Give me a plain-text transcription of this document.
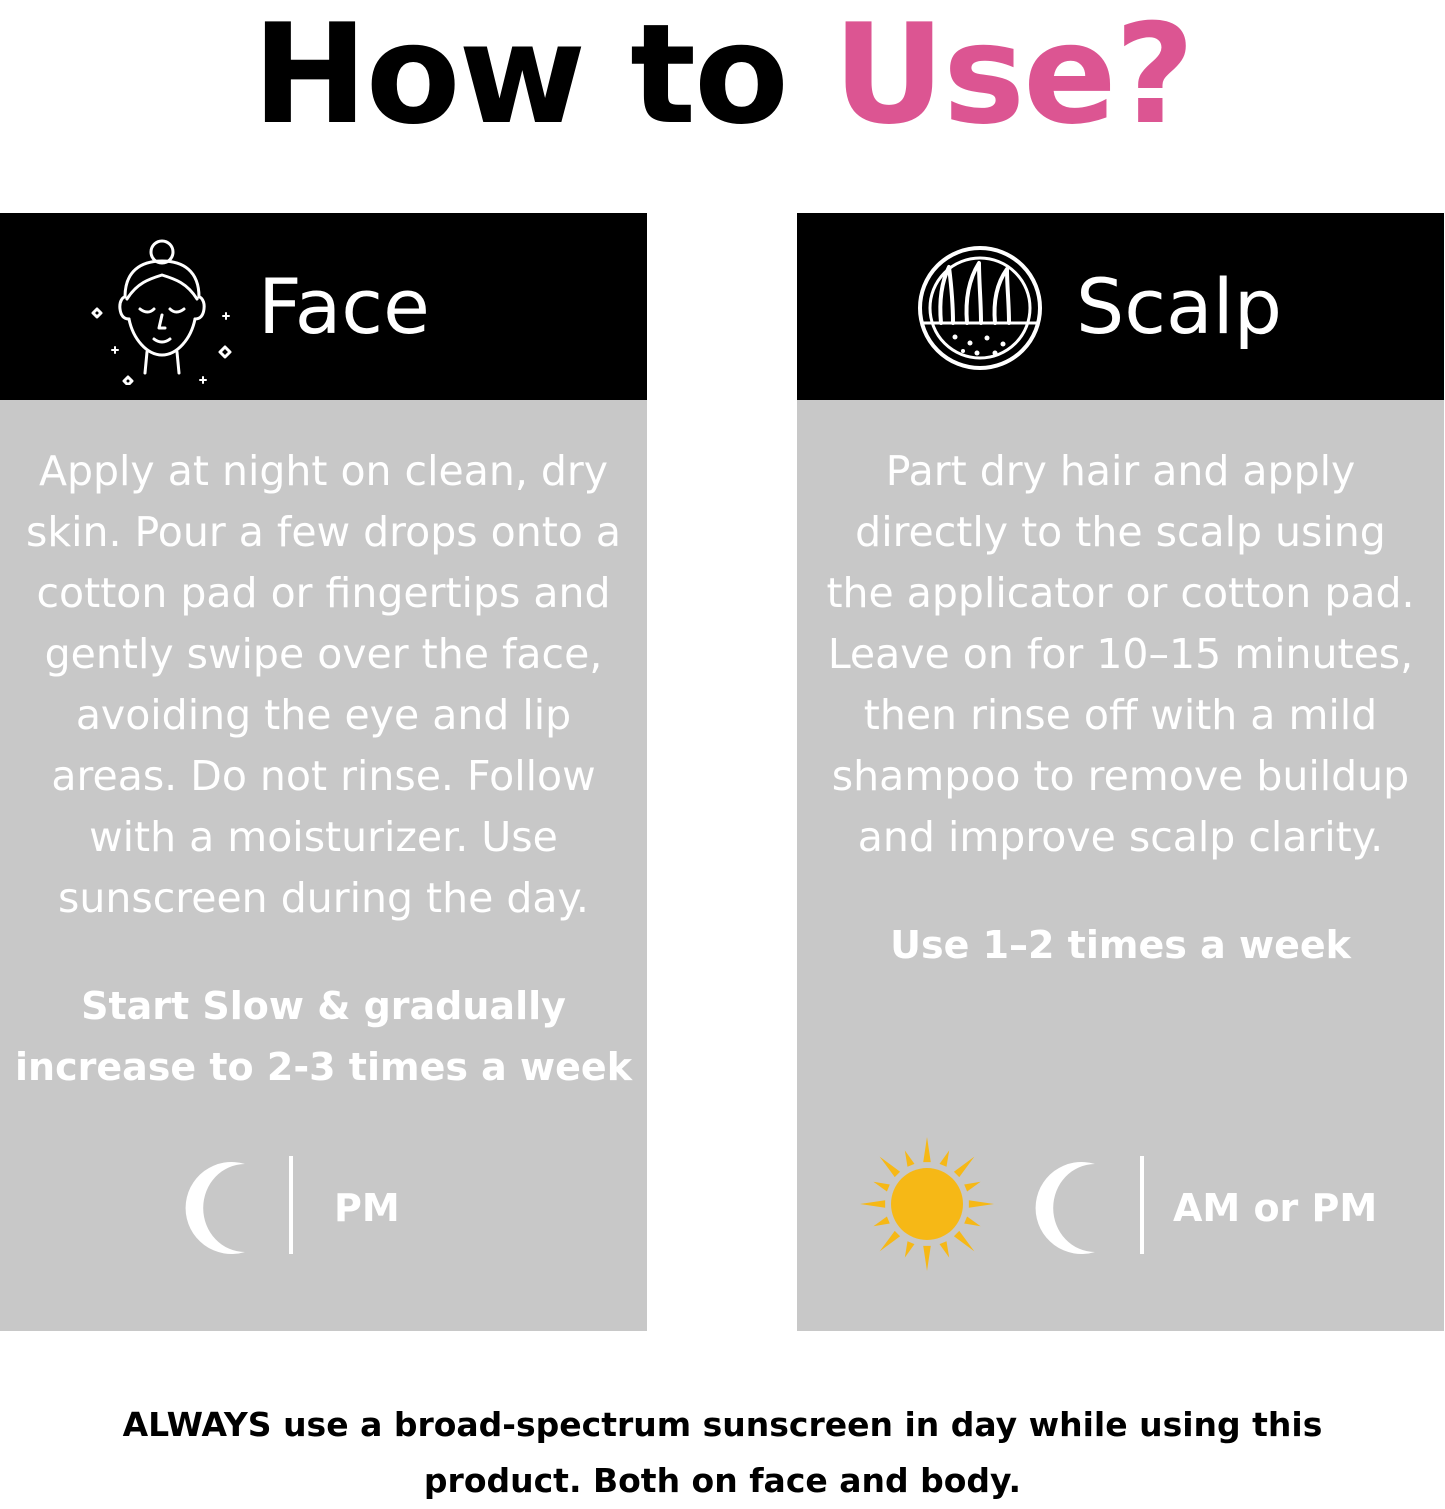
How to Use?
Face
Apply at night on clean, dry
skin. Pour a few drops onto a
cotton pad or fingertips and
gently swipe over the face,
avoiding the eye and lip
areas. Do not rinse. Follow
with a moisturizer. Use
sunscreen during the day.
Start Slow & gradually
increase to 2-3 times a week
PM
Scalp
Part dry hair and apply
directly to the scalp using
the applicator or cotton pad.
Leave on for 10–15 minutes,
then rinse off with a mild
shampoo to remove buildup
and improve scalp clarity.
Use 1–2 times a week
AM or PM
ALWAYS use a broad-spectrum sunscreen in day while using this
product. Both on face and body.
